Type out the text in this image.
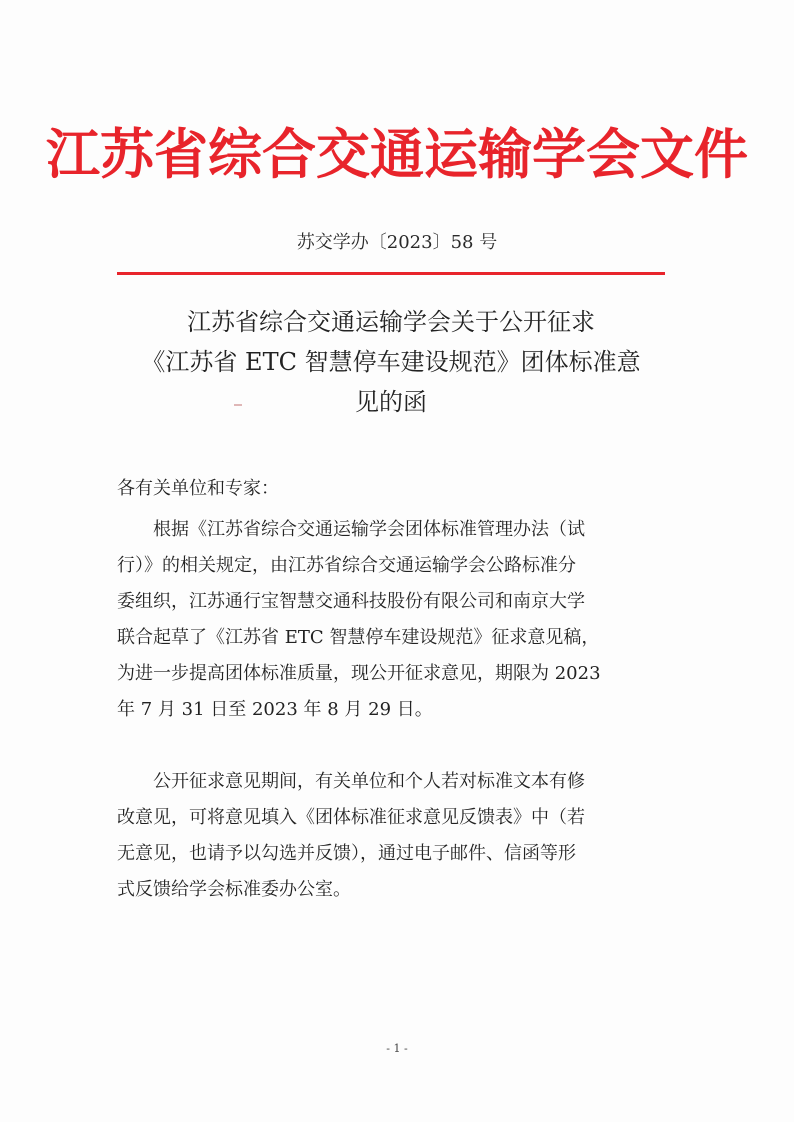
江苏省综合交通运输学会文件
苏交学办〔2023〕58 号
江苏省综合交通运输学会关于公开征求
《江苏省 ETC 智慧停车建设规范》团体标准意
见的函
各有关单位和专家：
　　根据《江苏省综合交通运输学会团体标准管理办法（试
行）》的相关规定，由江苏省综合交通运输学会公路标准分
委组织，江苏通行宝智慧交通科技股份有限公司和南京大学
联合起草了《江苏省 ETC 智慧停车建设规范》征求意见稿，
为进一步提高团体标准质量，现公开征求意见，期限为 2023
年 7 月 31 日至 2023 年 8 月 29 日。
　　公开征求意见期间，有关单位和个人若对标准文本有修
改意见，可将意见填入《团体标准征求意见反馈表》中（若
无意见，也请予以勾选并反馈），通过电子邮件、信函等形
式反馈给学会标准委办公室。
- 1 -
